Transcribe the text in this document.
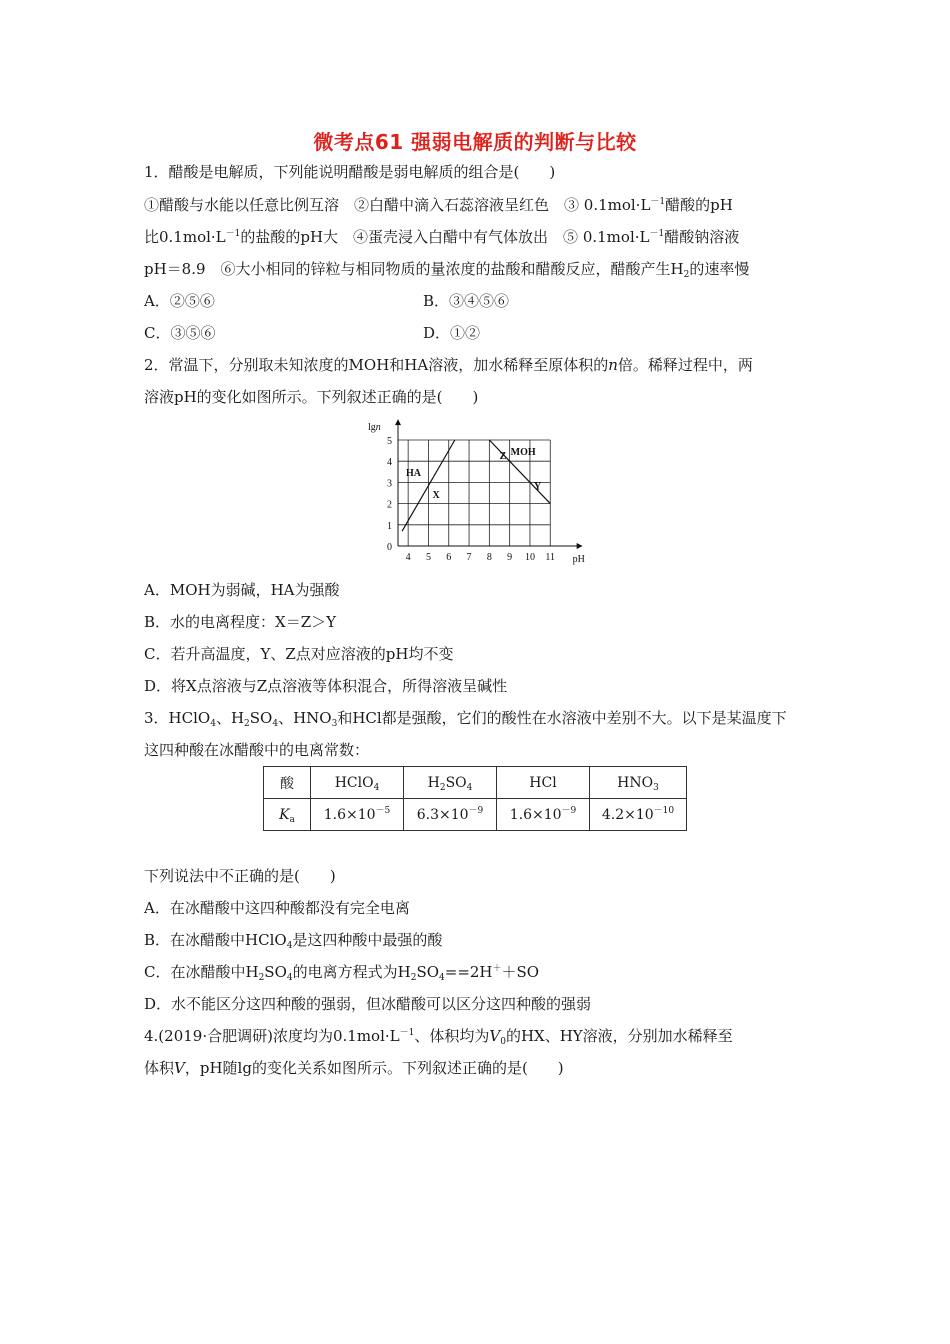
微考点61 强弱电解质的判断与比较
1．醋酸是电解质，下列能说明醋酸是弱电解质的组合是(　　)
①醋酸与水能以任意比例互溶　②白醋中滴入石蕊溶液呈红色　③ $0.1mol\cdot L^{-1}$醋酸的pH
比$0.1mol\cdot L^{-1}$的盐酸的pH大　④蛋壳浸入白醋中有气体放出　⑤ $0.1mol\cdot L^{-1}$醋酸钠溶液
pH＝8.9　⑥大小相同的锌粒与相同物质的量浓度的盐酸和醋酸反应，醋酸产生$H_2$的速率慢
A．②⑤⑥	B．③④⑤⑥
C．③⑤⑥	D．①②
2．常温下，分别取未知浓度的MOH和HA溶液，加水稀释至原体积的n倍。稀释过程中，两
溶液pH的变化如图所示。下列叙述正确的是(　　)
4 5 6 7 8 9 10 11
0
1
2
3
4
5
lgn
pH
HA
MOH
X
Z
Y
A．MOH为弱碱，HA为强酸
B．水的电离程度：X＝Z＞Y
C．若升高温度，Y、Z点对应溶液的pH均不变
D．将X点溶液与Z点溶液等体积混合，所得溶液呈碱性
3．HClO$_4$、$H_2SO_4$、$HNO_3$和HCl都是强酸，它们的酸性在水溶液中差别不大。以下是某温度下
这四种酸在冰醋酸中的电离常数：
酸	HClO$_4$	$H_2SO_4$	HCl	$HNO_3$
$K_a$	$1.6\times 10^{-5}$	$6.3\times 10^{-9}$	$1.6\times 10^{-9}$	$4.2\times 10^{-10}$
下列说法中不正确的是(　　)
A．在冰醋酸中这四种酸都没有完全电离
B．在冰醋酸中HClO$_4$是这四种酸中最强的酸
C．在冰醋酸中$H_2SO_4$的电离方程式为$H_2SO_4==2H^++SO$
D．水不能区分这四种酸的强弱，但冰醋酸可以区分这四种酸的强弱
4.(2019·合肥调研)浓度均为$0.1mol\cdot L^{-1}$、体积均为$V_0$的HX、HY溶液，分别加水稀释至
体积V，pH随lg的变化关系如图所示。下列叙述正确的是(　　)
